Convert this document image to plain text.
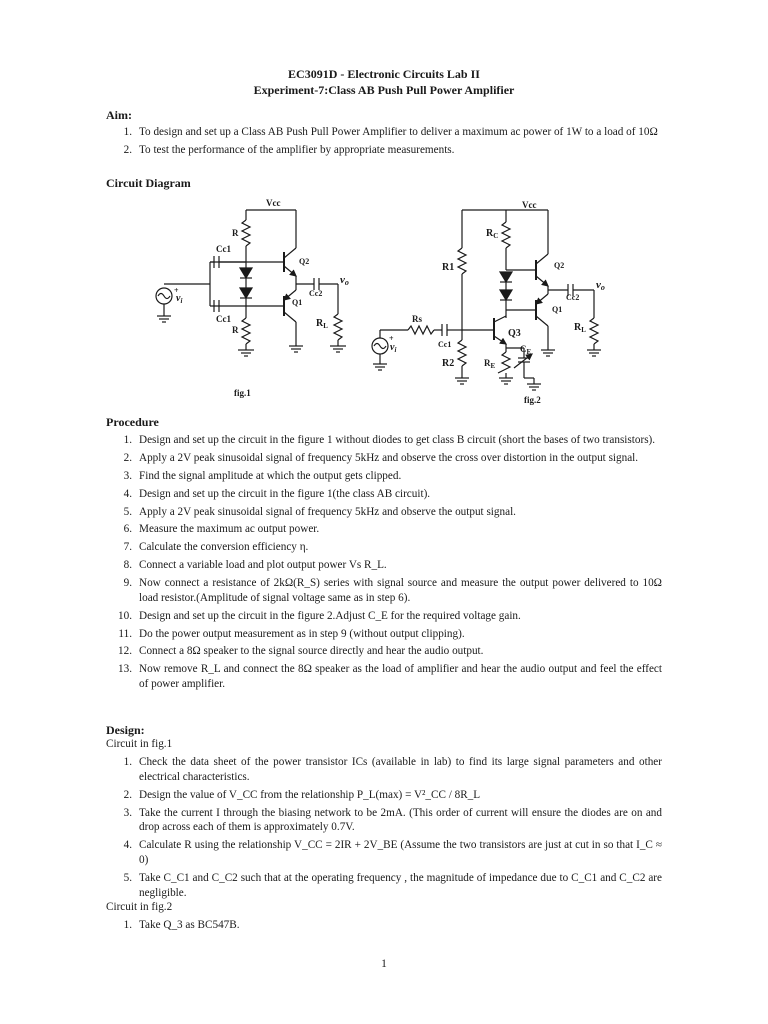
EC3091D - Electronic Circuits Lab II
Experiment-7:Class AB Push Pull Power Amplifier
Aim:
1. To design and set up a Class AB Push Pull Power Amplifier to deliver a maximum ac power of 1W to a load of 10Ω
2. To test the performance of the amplifier by appropriate measurements.
Circuit Diagram
Vcc
R
Cc1
Q2
Q1
Cc2
Cc1
R
vo
$R_L$
+
$v_i$
fig.1
Vcc
R1
$R_C$
Q2
Q1
Cc2
vo
$R_L$
Q3
Rs
Cc1
R2	$R_E$
$C_E$
+
$v_i$
fig.2
Procedure
1. Design and set up the circuit in the figure 1 without diodes to get class B circuit (short the bases of two transistors).
2. Apply a 2V peak sinusoidal signal of frequency 5kHz and observe the cross over distortion in the output signal.
3. Find the signal amplitude at which the output gets clipped.
4. Design and set up the circuit in the figure 1(the class AB circuit).
5. Apply a 2V peak sinusoidal signal of frequency 5kHz and observe the output signal.
6. Measure the maximum ac output power.
7. Calculate the conversion efficiency η.
8. Connect a variable load and plot output power Vs R_L.
9. Now connect a resistance of 2kΩ(R_S) series with signal source and measure the output power delivered to 10Ω load resistor.(Amplitude of signal voltage same as in step 6).
10. Design and set up the circuit in the figure 2.Adjust C_E for the required voltage gain.
11. Do the power output measurement as in step 9 (without output clipping).
12. Connect a 8Ω speaker to the signal source directly and hear the audio output.
13. Now remove R_L and connect the 8Ω speaker as the load of amplifier and hear the audio output and feel the effect of power amplifier.
Design:
Circuit in fig.1
1. Check the data sheet of the power transistor ICs (available in lab) to find its large signal parameters and other electrical characteristics.
2. Design the value of V_CC from the relationship P_L(max) = V²_CC / 8R_L
3. Take the current I through the biasing network to be 2mA. (This order of current will ensure the diodes are on and drop across each of them is approximately 0.7V.
4. Calculate R using the relationship V_CC = 2IR + 2V_BE (Assume the two transistors are just at cut in so that I_C ≈ 0)
5. Take C_C1 and C_C2 such that at the operating frequency , the magnitude of impedance due to C_C1 and C_C2 are negligible.
Circuit in fig.2
1. Take Q_3 as BC547B.
1
